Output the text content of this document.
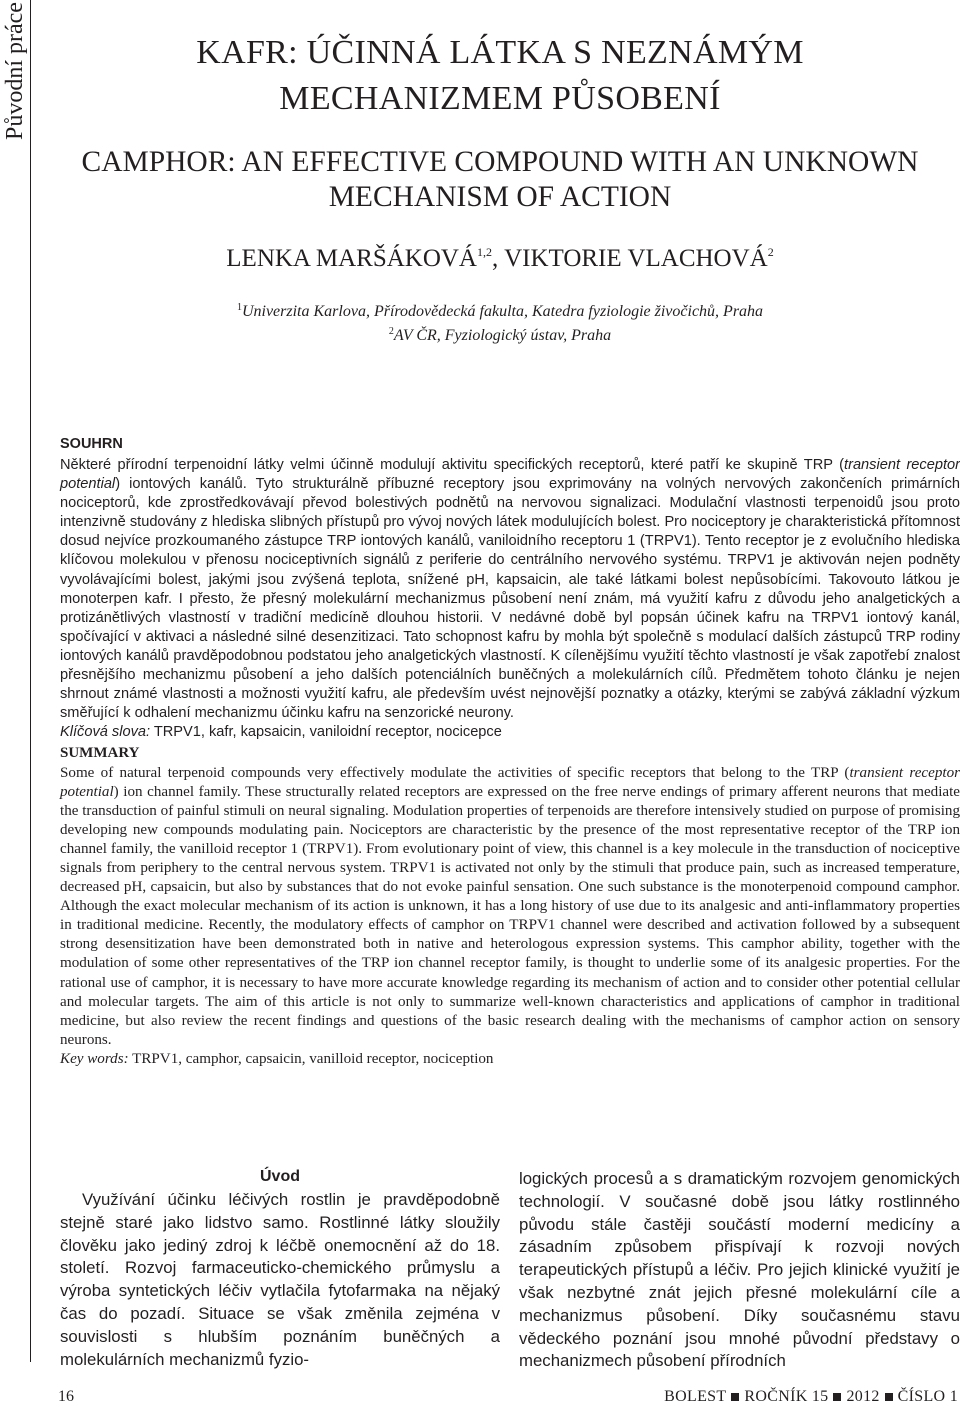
Původní práce	KAFR: ÚČINNÁ LÁTKA S NEZNÁMÝM MECHANIZMEM PŮSOBENÍ
CAMPHOR: AN EFFECTIVE COMPOUND WITH AN UNKNOWN MECHANISM OF ACTION
LENKA MARŠÁKOVÁ$^{1,2}$, VIKTORIE VLACHOVÁ$^2$
$^1$Univerzita Karlova, Přírodovědecká fakulta, Katedra fyziologie živočichů, Praha
$^2$AV ČR, Fyziologický ústav, Praha
SOUHRN
Některé přírodní terpenoidní látky velmi účinně modulují aktivitu specifických receptorů, které patří ke skupině TRP (transient receptor potential) iontových kanálů. Tyto strukturálně příbuzné receptory jsou exprimovány na volných nervových zakončeních primárních nociceptorů, kde zprostředkovávají převod bolestivých podnětů na nervovou signalizaci. Modulační vlastnosti terpenoidů jsou proto intenzivně studovány z hlediska slibných přístupů pro vývoj nových látek modulujících bolest. Pro nociceptory je charakteristická přítomnost dosud nejvíce prozkoumaného zástupce TRP iontových kanálů, vaniloidního receptoru 1 (TRPV1). Tento receptor je z evolučního hlediska klíčovou molekulou v přenosu nociceptivních signálů z periferie do centrálního nervového systému. TRPV1 je aktivován nejen podněty vyvolávajícími bolest, jakými jsou zvýšená teplota, snížené pH, kapsaicin, ale také látkami bolest nepůsobícími. Takovouto látkou je monoterpen kafr. I přesto, že přesný molekulární mechanizmus působení není znám, má využití kafru z důvodu jeho analgetických a protizánětlivých vlastností v tradiční medicíně dlouhou historii. V nedávné době byl popsán účinek kafru na TRPV1 iontový kanál, spočívající v aktivaci a následné silné desenzitizaci. Tato schopnost kafru by mohla být společně s modulací dalších zástupců TRP rodiny iontových kanálů pravděpodobnou podstatou jeho analgetických vlastností. K cílenějšímu využití těchto vlastností je však zapotřebí znalost přesnějšího mechanizmu působení a jeho dalších potenciálních buněčných a molekulárních cílů. Předmětem tohoto článku je nejen shrnout známé vlastnosti a možnosti využití kafru, ale především uvést nejnovější poznatky a otázky, kterými se zabývá základní výzkum směřující k odhalení mechanizmu účinku kafru na senzorické neurony.
Klíčová slova: TRPV1, kafr, kapsaicin, vaniloidní receptor, nocicepce
SUMMARY
Some of natural terpenoid compounds very effectively modulate the activities of specific receptors that belong to the TRP (transient receptor potential) ion channel family. These structurally related receptors are expressed on the free nerve endings of primary afferent neurons that mediate the transduction of painful stimuli on neural signaling. Modulation properties of terpenoids are therefore intensively studied on purpose of promising developing new compounds modulating pain. Nociceptors are characteristic by the presence of the most representative receptor of the TRP ion channel family, the vanilloid receptor 1 (TRPV1). From evolutionary point of view, this channel is a key molecule in the transduction of nociceptive signals from periphery to the central nervous system. TRPV1 is activated not only by the stimuli that produce pain, such as increased temperature, decreased pH, capsaicin, but also by substances that do not evoke painful sensation. One such substance is the monoterpenoid compound camphor. Although the exact molecular mechanism of its action is unknown, it has a long history of use due to its analgesic and anti-inflammatory properties in traditional medicine. Recently, the modulatory effects of camphor on TRPV1 channel were described and activation followed by a subsequent strong desensitization have been demonstrated both in native and heterologous expression systems. This camphor ability, together with the modulation of some other representatives of the TRP ion channel receptor family, is thought to underlie some of its analgesic properties. For the rational use of camphor, it is necessary to have more accurate knowledge regarding its mechanism of action and to consider other potential cellular and molecular targets. The aim of this article is not only to summarize well-known characteristics and applications of camphor in traditional medicine, but also review the recent findings and questions of the basic research dealing with the mechanisms of camphor action on sensory neurons.
Key words: TRPV1, camphor, capsaicin, vanilloid receptor, nociception
Úvod

Využívání účinku léčivých rostlin je pravděpodobně stejně staré jako lidstvo samo. Rostlinné látky sloužily člověku jako jediný zdroj k léčbě onemocnění až do 18. století. Rozvoj farmaceuticko-chemického průmyslu a výroba syntetických léčiv vytlačila fytofarmaka na nějaký čas do pozadí. Situace se však změnila zejména v souvislosti s hlubším poznáním buněčných a molekulárních mechanizmů fyzio-

logických procesů a s dramatickým rozvojem genomických technologií. V současné době jsou látky rostlinného původu stále častěji součástí moderní medicíny a zásadním způsobem přispívají k rozvoji nových terapeutických přístupů a léčiv. Pro jejich klinické využití je však nezbytné znát jejich přesné molekulární cíle a mechanizmus působení. Díky současnému stavu vědeckého poznání jsou mnohé původní představy o mechanizmech působení přírodních

16	BOLEST ROČNÍK 15 2012 ČÍSLO 1
